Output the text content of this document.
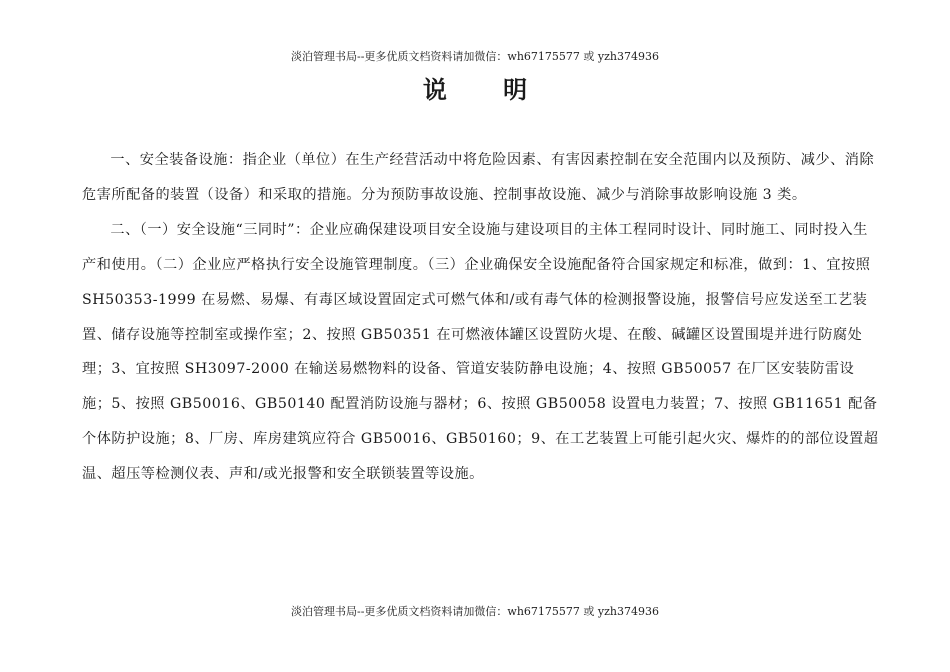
淡泊管理书局--更多优质文档资料请加微信：wh67175577 或 yzh374936
说 明

一、安全装备设施：指企业（单位）在生产经营活动中将危险因素、有害因素控制在安全范围内以及预防、减少、消除危害所配备的装置（设备）和采取的措施。分为预防事故设施、控制事故设施、减少与消除事故影响设施 3 类。

二、（一）安全设施“三同时”：企业应确保建设项目安全设施与建设项目的主体工程同时设计、同时施工、同时投入生产和使用。（二）企业应严格执行安全设施管理制度。（三）企业确保安全设施配备符合国家规定和标准，做到：1、宜按照 SH50353-1999 在易燃、易爆、有毒区域设置固定式可燃气体和/或有毒气体的检测报警设施，报警信号应发送至工艺装置、储存设施等控制室或操作室；2、按照 GB50351 在可燃液体罐区设置防火堤、在酸、碱罐区设置围堤并进行防腐处理；3、宜按照 SH3097-2000 在输送易燃物料的设备、管道安装防静电设施；4、按照 GB50057 在厂区安装防雷设施；5、按照 GB50016、GB50140 配置消防设施与器材；6、按照 GB50058 设置电力装置；7、按照 GB11651 配备个体防护设施；8、厂房、库房建筑应符合 GB50016、GB50160；9、在工艺装置上可能引起火灾、爆炸的的部位设置超温、超压等检测仪表、声和/或光报警和安全联锁装置等设施。

淡泊管理书局--更多优质文档资料请加微信：wh67175577 或 yzh374936
